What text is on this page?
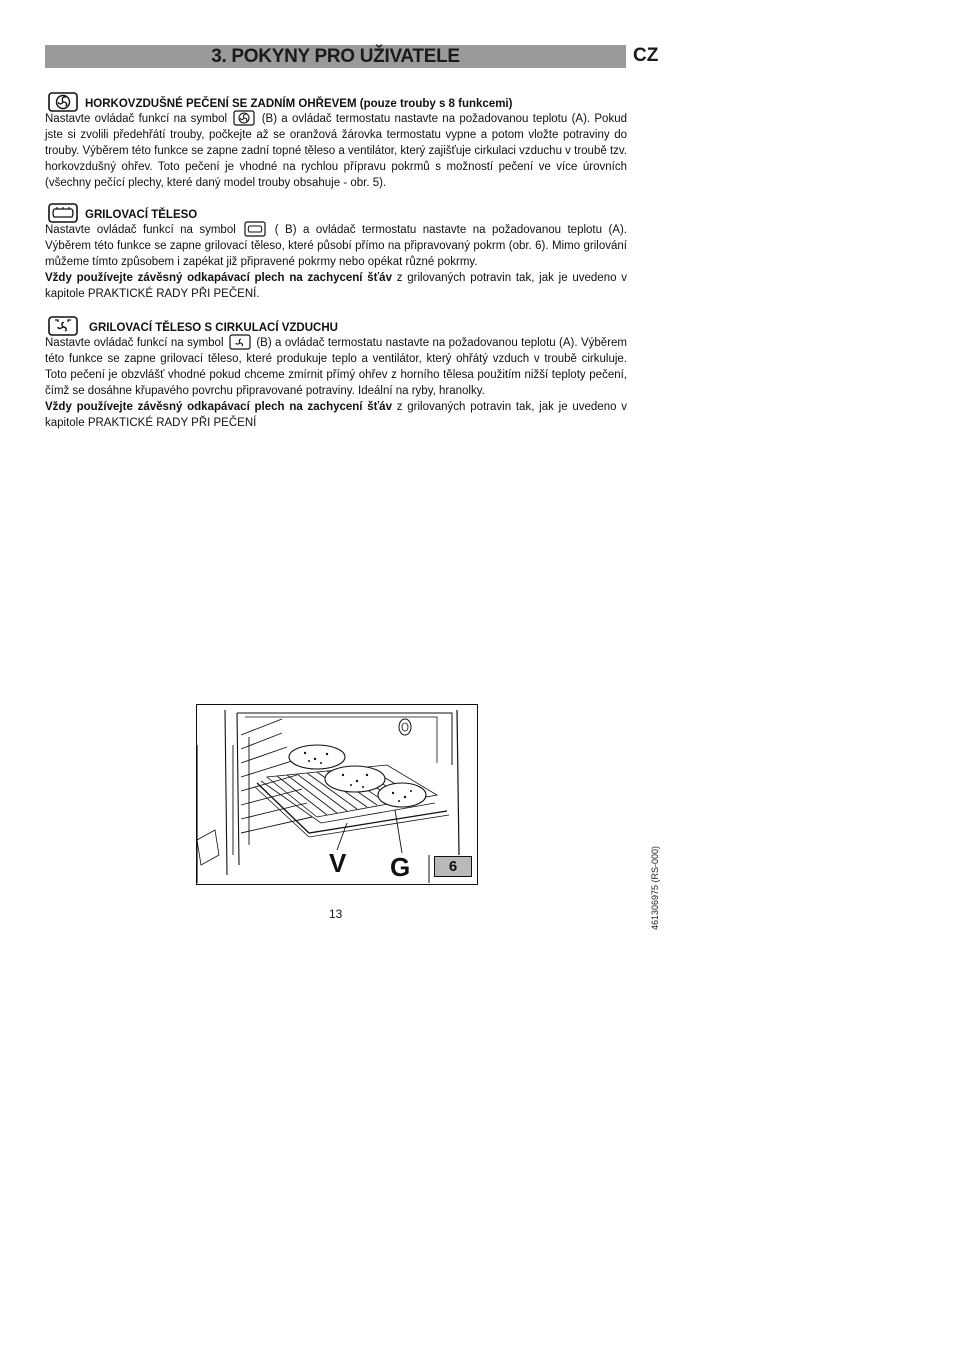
3. POKYNY PRO UŽIVATELE	CZ
HORKOVZDUŠNÉ PEČENÍ SE ZADNÍM OHŘEVEM (pouze trouby s 8 funkcemi)

Nastavte ovládač funkcí na symbol	(B) a ovládač termostatu nastavte na požadovanou teplotu (A). Pokud jste si zvolili předehřátí trouby, počkejte až se oranžová žárovka termostatu vypne a potom vložte potraviny do trouby. Výběrem této funkce se zapne zadní topné těleso a ventilátor, který zajišťuje cirkulaci vzduchu v troubě tzv. horkovzdušný ohřev. Toto pečení je vhodné na rychlou přípravu pokrmů s možností pečení ve více úrovních (všechny pečící plechy, které daný model trouby obsahuje - obr. 5).

GRILOVACÍ TĚLESO

Nastavte ovládač funkcí na symbol	( B) a ovládač termostatu nastavte na požadovanou teplotu (A). Výběrem této funkce se zapne grilovací těleso, které působí přímo na připravovaný pokrm (obr. 6). Mimo grilování můžeme tímto způsobem i zapékat již připravené pokrmy nebo opékat různé pokrmy.

Vždy používejte závěsný odkapávací plech na zachycení šťáv z grilovaných potravin tak, jak je uvedeno v kapitole PRAKTICKÉ RADY PŘI PEČENÍ.

GRILOVACÍ TĚLESO S CIRKULACÍ VZDUCHU

Nastavte ovládač funkcí na symbol	(B) a ovládač termostatu nastavte na požadovanou teplotu (A). Výběrem této funkce se zapne grilovací těleso, které produkuje teplo a ventilátor, který ohřátý vzduch v troubě cirkuluje. Toto pečení je obzvlášť vhodné pokud chceme zmírnit přímý ohřev z horního tělesa použitím nižší teploty pečení, čímž se dosáhne křupavého povrchu připravované potraviny. Ideální na ryby, hranolky.

Vždy používejte závěsný odkapávací plech na zachycení šťáv z grilovaných potravin tak, jak je uvedeno v kapitole PRAKTICKÉ RADY PŘI PEČENÍ

V G	6
13	461306975 (RS-000)
